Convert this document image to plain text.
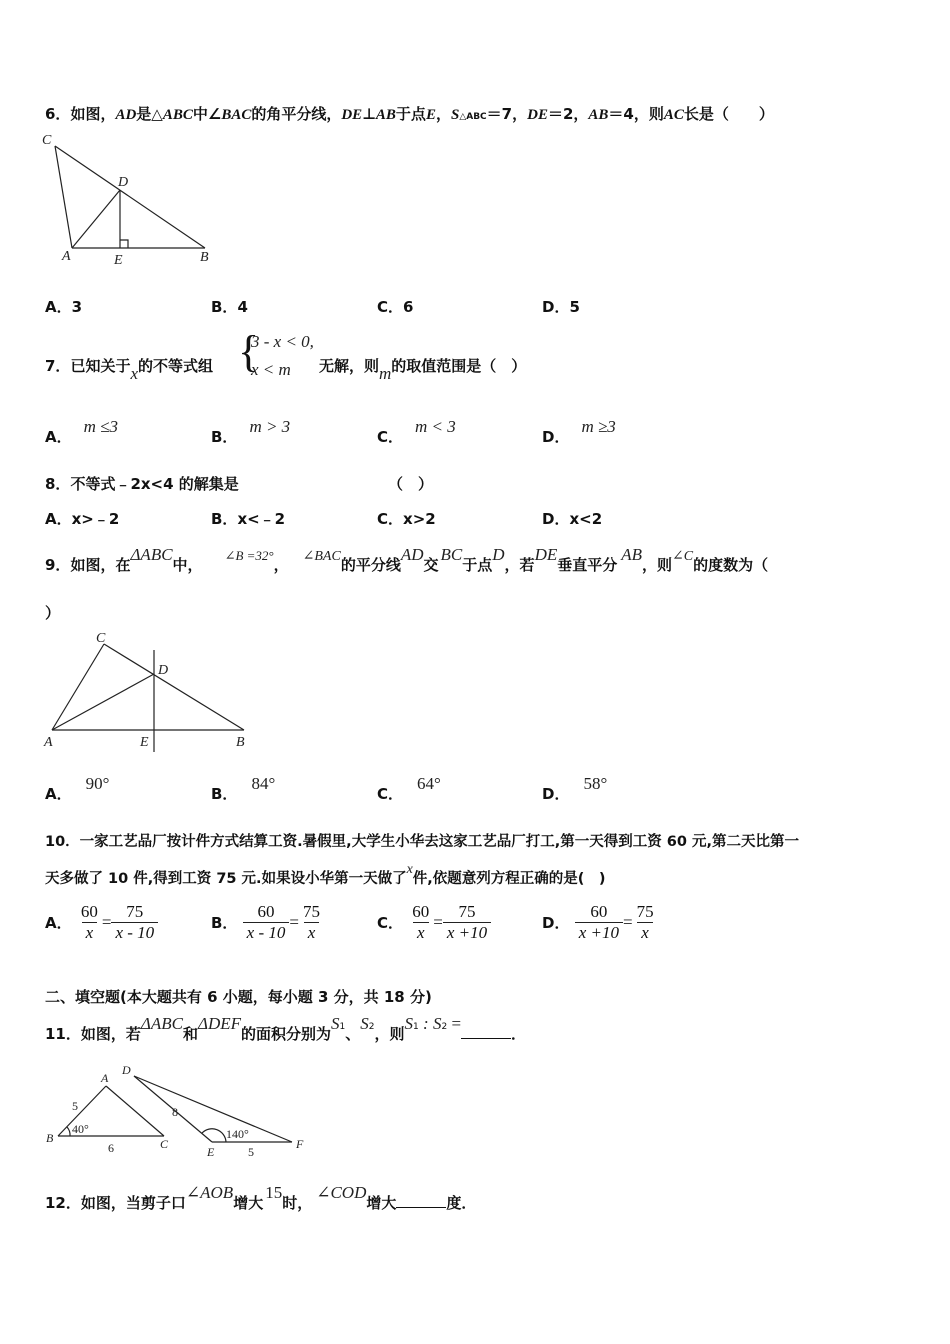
6．如图，AD是△ABC中∠BAC的角平分线，DE⊥AB于点E，S△ABC＝7，DE＝2，AB＝4，则AC长是（　　）
C
D
A	E	B
A．3	B．4	C．6	D．5
7．已知关于x的不等式组 {
3 - x < 0,
x < m 无解，则m的取值范围是（　）
A．m ≤3
B．m > 3
C．m < 3
D．m ≥3
8．不等式﹣2x<4 的解集是	（　）
A．x>﹣2	B．x<﹣2	C．x>2	D．x<2
9．如图，在ΔABC中，∠B =32°， ∠BAC的平分线AD交BC于点D，若DE垂直平分AB，则∠C的度数为（
）
C
D
A	E	B
A．90°
B．84°
C．64°
D．58°
10．一家工艺品厂按计件方式结算工资.暑假里,大学生小华去这家工艺品厂打工,第一天得到工资 60 元,第二天比第一
天多做了 10 件,得到工资 75 元.如果设小华第一天做了x件,依题意列方程正确的是(　)
A． $\frac{60}{x} = \frac{75}{x - 10}$	B． $\frac{60}{x - 10} = \frac{75}{x}$	C． $\frac{60}{x} = \frac{75}{x +10}$	D． $\frac{60}{x +10} = \frac{75}{x}$
二、填空题(本大题共有 6 小题，每小题 3 分，共 18 分)
11．如图，若ΔABC和ΔDEF的面积分别为$S^1$、$S^2$，则$S^1$ : $S^2$ =．
A
B	C
D
E
F
5
6
8
5
40°	140°
12．如图，当剪子口∠AOB增大15时，∠COD增大	度．
